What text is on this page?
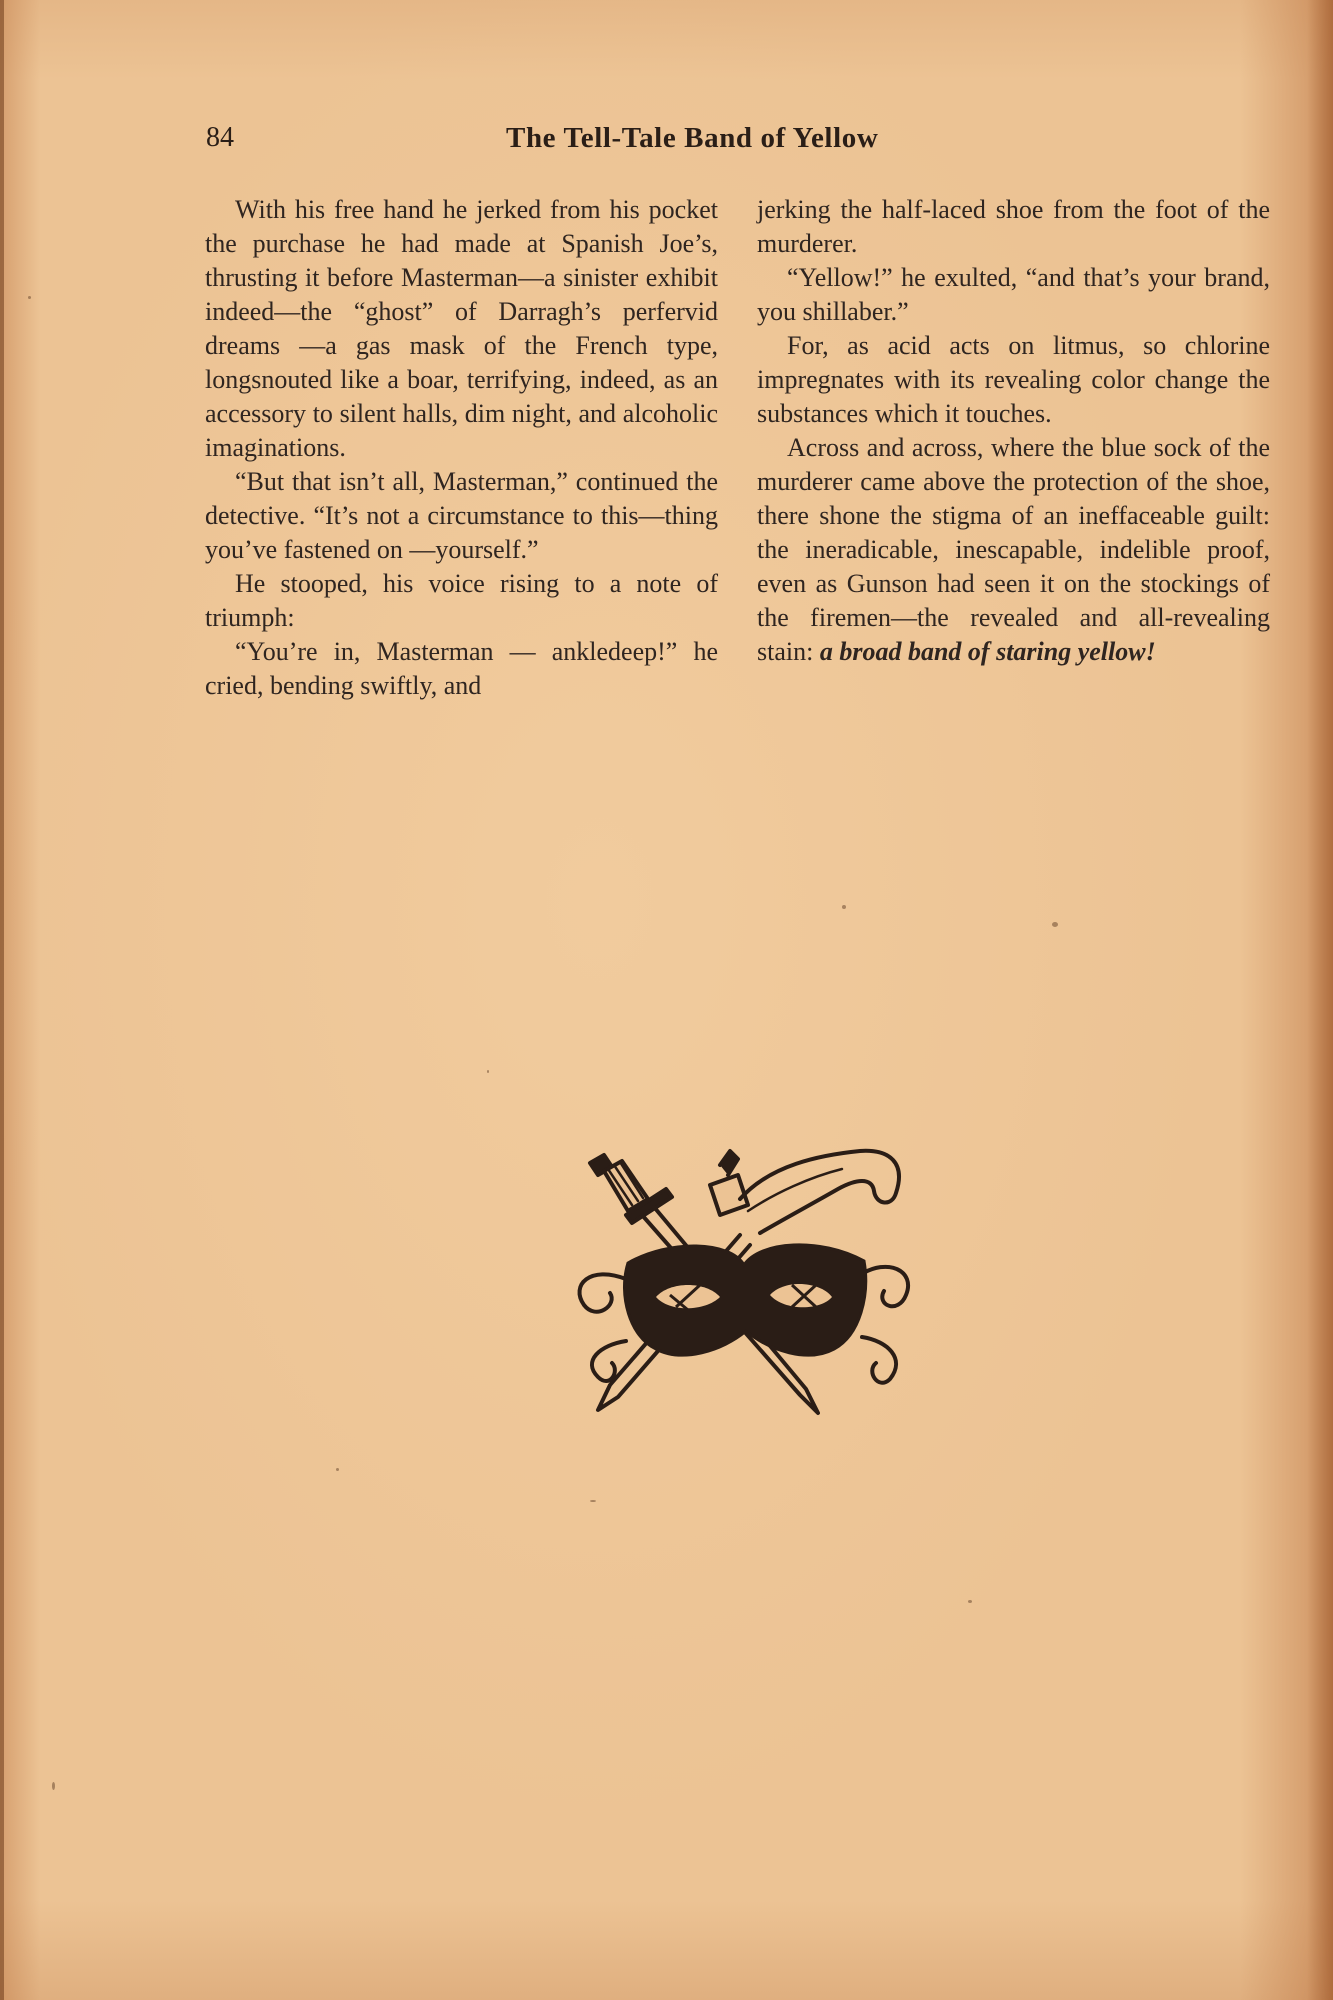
84	The Tell-Tale Band of Yellow

With his free hand he jerked from his pocket the purchase he had made at Spanish Joe’s, thrusting it before Masterman—a sinister exhibit indeed—the “ghost” of Darragh’s perfervid dreams —a gas mask of the French type, longsnouted like a boar, terrifying, indeed, as an accessory to silent halls, dim night, and alcoholic imaginations.

“But that isn’t all, Masterman,” continued the detective. “It’s not a circumstance to this—thing you’ve fastened on —yourself.”

He stooped, his voice rising to a note of triumph:

“You’re in, Masterman — ankledeep!” he cried, bending swiftly, and

jerking the half-laced shoe from the foot of the murderer.

“Yellow!” he exulted, “and that’s your brand, you shillaber.”

For, as acid acts on litmus, so chlorine impregnates with its revealing color change the substances which it touches.

Across and across, where the blue sock of the murderer came above the protection of the shoe, there shone the stigma of an ineffaceable guilt: the ineradicable, inescapable, indelible proof, even as Gunson had seen it on the stockings of the firemen—the revealed and all-revealing stain: a broad band of staring yellow!
